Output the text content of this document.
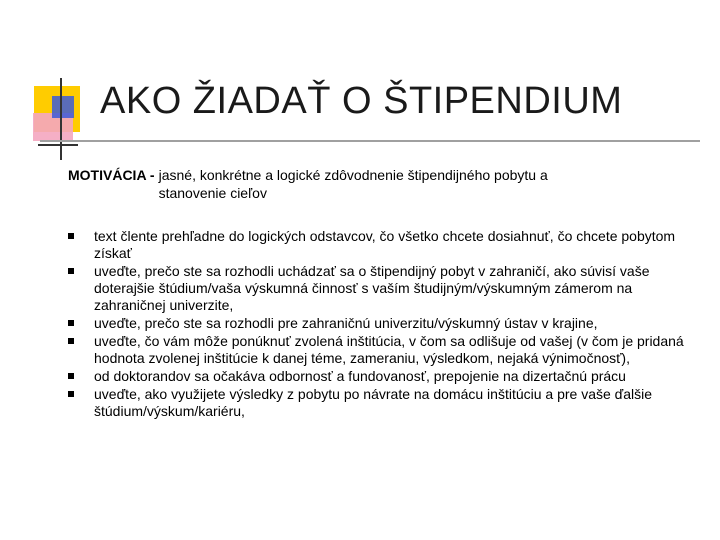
AKO ŽIADAŤ O ŠTIPENDIUM
MOTIVÁCIA - jasné, konkrétne a logické zdôvodnenie štipendijného pobytu a stanovenie cieľov
text člente prehľadne do logických odstavcov, čo všetko chcete dosiahnuť, čo chcete pobytom získať
uveďte, prečo ste sa rozhodli uchádzať sa o štipendijný pobyt v zahraničí, ako súvisí vaše doterajšie štúdium/vaša výskumná činnosť s vaším študijným/výskumným zámerom na zahraničnej univerzite,
uveďte, prečo ste sa rozhodli pre zahraničnú univerzitu/výskumný ústav v krajine,
uveďte, čo vám môže ponúknuť zvolená inštitúcia, v čom sa odlišuje od vašej (v čom je pridaná hodnota zvolenej inštitúcie k danej téme, zameraniu, výsledkom, nejaká výnimočnosť),
od doktorandov sa očakáva odbornosť a fundovanosť, prepojenie na dizertačnú prácu
uveďte, ako využijete výsledky z pobytu po návrate na domácu inštitúciu a pre vaše ďalšie štúdium/výskum/kariéru,
